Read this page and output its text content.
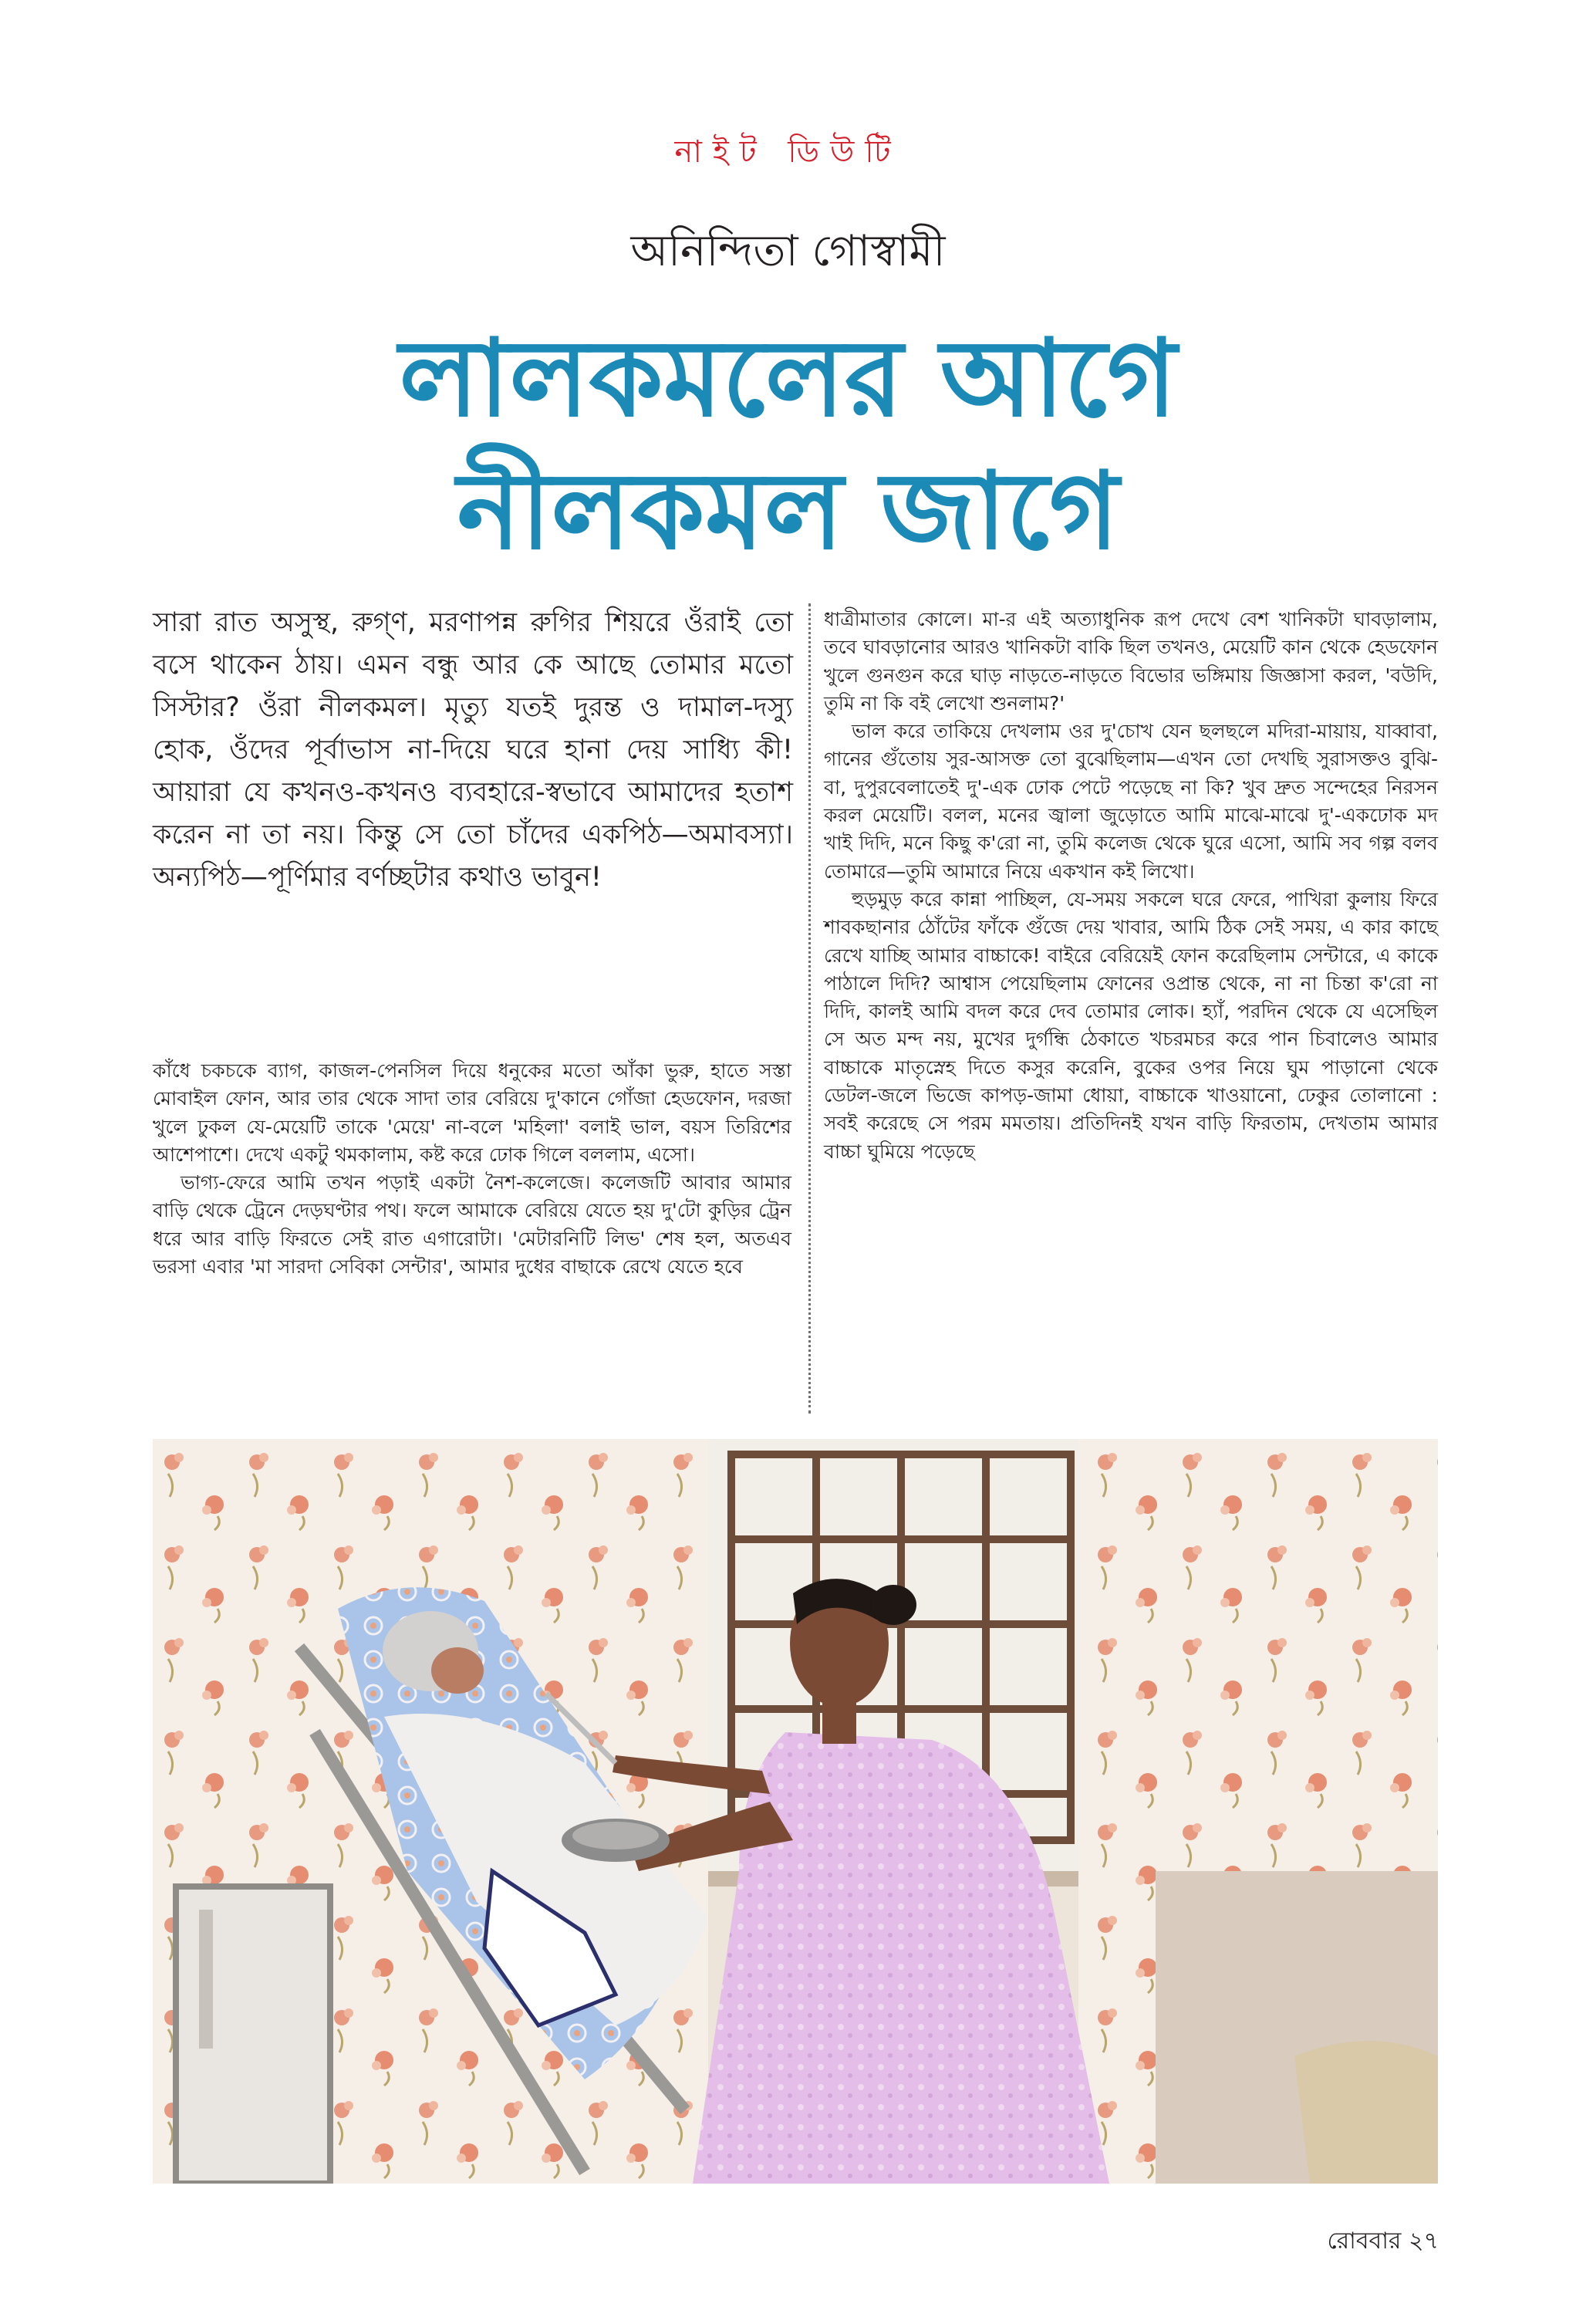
নাইট ডিউটি
অনিন্দিতা গোস্বামী
লালকমলের আগে
নীলকমল জাগে
সারা রাত অসুস্থ, রুগ্ণ, মরণাপন্ন রুগির শিয়রে ওঁরাই তো বসে থাকেন ঠায়। এমন বন্ধু আর কে আছে তোমার মতো সিস্টার? ওঁরা নীলকমল। মৃত্যু যতই দুরন্ত ও দামাল-দস্যু হোক, ওঁদের পূর্বাভাস না-দিয়ে ঘরে হানা দেয় সাধ্যি কী! আয়ারা যে কখনও-কখনও ব্যবহারে-স্বভাবে আমাদের হতাশ করেন না তা নয়। কিন্তু সে তো চাঁদের একপিঠ—অমাবস্যা। অন্যপিঠ—পূর্ণিমার বর্ণচ্ছটার কথাও ভাবুন!

কাঁধে চকচকে ব্যাগ, কাজল-পেনসিল দিয়ে ধনুকের মতো আঁকা ভুরু, হাতে সস্তা মোবাইল ফোন, আর তার থেকে সাদা তার বেরিয়ে দু'কানে গোঁজা হেডফোন, দরজা খুলে ঢুকল যে-মেয়েটি তাকে 'মেয়ে' না-বলে 'মহিলা' বলাই ভাল, বয়স তিরিশের আশেপাশে। দেখে একটু থমকালাম, কষ্ট করে ঢোক গিলে বললাম, এসো।

ভাগ্য-ফেরে আমি তখন পড়াই একটা নৈশ-কলেজে। কলেজটি আবার আমার বাড়ি থেকে ট্রেনে দেড়ঘণ্টার পথ। ফলে আমাকে বেরিয়ে যেতে হয় দু'টো কুড়ির ট্রেন ধরে আর বাড়ি ফিরতে সেই রাত এগারোটা। 'মেটারনিটি লিভ' শেষ হল, অতএব ভরসা এবার 'মা সারদা সেবিকা সেন্টার', আমার দুধের বাছাকে রেখে যেতে হবে

ধাত্রীমাতার কোলে। মা-র এই অত্যাধুনিক রূপ দেখে বেশ খানিকটা ঘাবড়ালাম, তবে ঘাবড়ানোর আরও খানিকটা বাকি ছিল তখনও, মেয়েটি কান থেকে হেডফোন খুলে গুনগুন করে ঘাড় নাড়তে-নাড়তে বিভোর ভঙ্গিমায় জিজ্ঞাসা করল, 'বউদি, তুমি না কি বই লেখো শুনলাম?'

ভাল করে তাকিয়ে দেখলাম ওর দু'চোখ যেন ছলছলে মদিরা-মায়ায়, যাব্বাবা, গানের গুঁতোয় সুর-আসক্ত তো বুঝেছিলাম—এখন তো দেখছি সুরাসক্তও বুঝি-বা, দুপুরবেলাতেই দু'-এক ঢোক পেটে পড়েছে না কি? খুব দ্রুত সন্দেহের নিরসন করল মেয়েটি। বলল, মনের জ্বালা জুড়োতে আমি মাঝে-মাঝে দু'-একঢোক মদ খাই দিদি, মনে কিছু ক'রো না, তুমি কলেজ থেকে ঘুরে এসো, আমি সব গল্প বলব তোমারে—তুমি আমারে নিয়ে একখান কই লিখো।

হুড়মুড় করে কান্না পাচ্ছিল, যে-সময় সকলে ঘরে ফেরে, পাখিরা কুলায় ফিরে শাবকছানার ঠোঁটের ফাঁকে গুঁজে দেয় খাবার, আমি ঠিক সেই সময়, এ কার কাছে রেখে যাচ্ছি আমার বাচ্চাকে! বাইরে বেরিয়েই ফোন করেছিলাম সেন্টারে, এ কাকে পাঠালে দিদি? আশ্বাস পেয়েছিলাম ফোনের ওপ্রান্ত থেকে, না না চিন্তা ক'রো না দিদি, কালই আমি বদল করে দেব তোমার লোক। হ্যাঁ, পরদিন থেকে যে এসেছিল সে অত মন্দ নয়, মুখের দুর্গন্ধি ঠেকাতে খচরমচর করে পান চিবালেও আমার বাচ্চাকে মাতৃস্নেহ দিতে কসুর করেনি, বুকের ওপর নিয়ে ঘুম পাড়ানো থেকে ডেটল-জলে ভিজে কাপড়-জামা ধোয়া, বাচ্চাকে খাওয়ানো, ঢেকুর তোলানো : সবই করেছে সে পরম মমতায়। প্রতিদিনই যখন বাড়ি ফিরতাম, দেখতাম আমার বাচ্চা ঘুমিয়ে পড়েছে

রোববার ২৭
